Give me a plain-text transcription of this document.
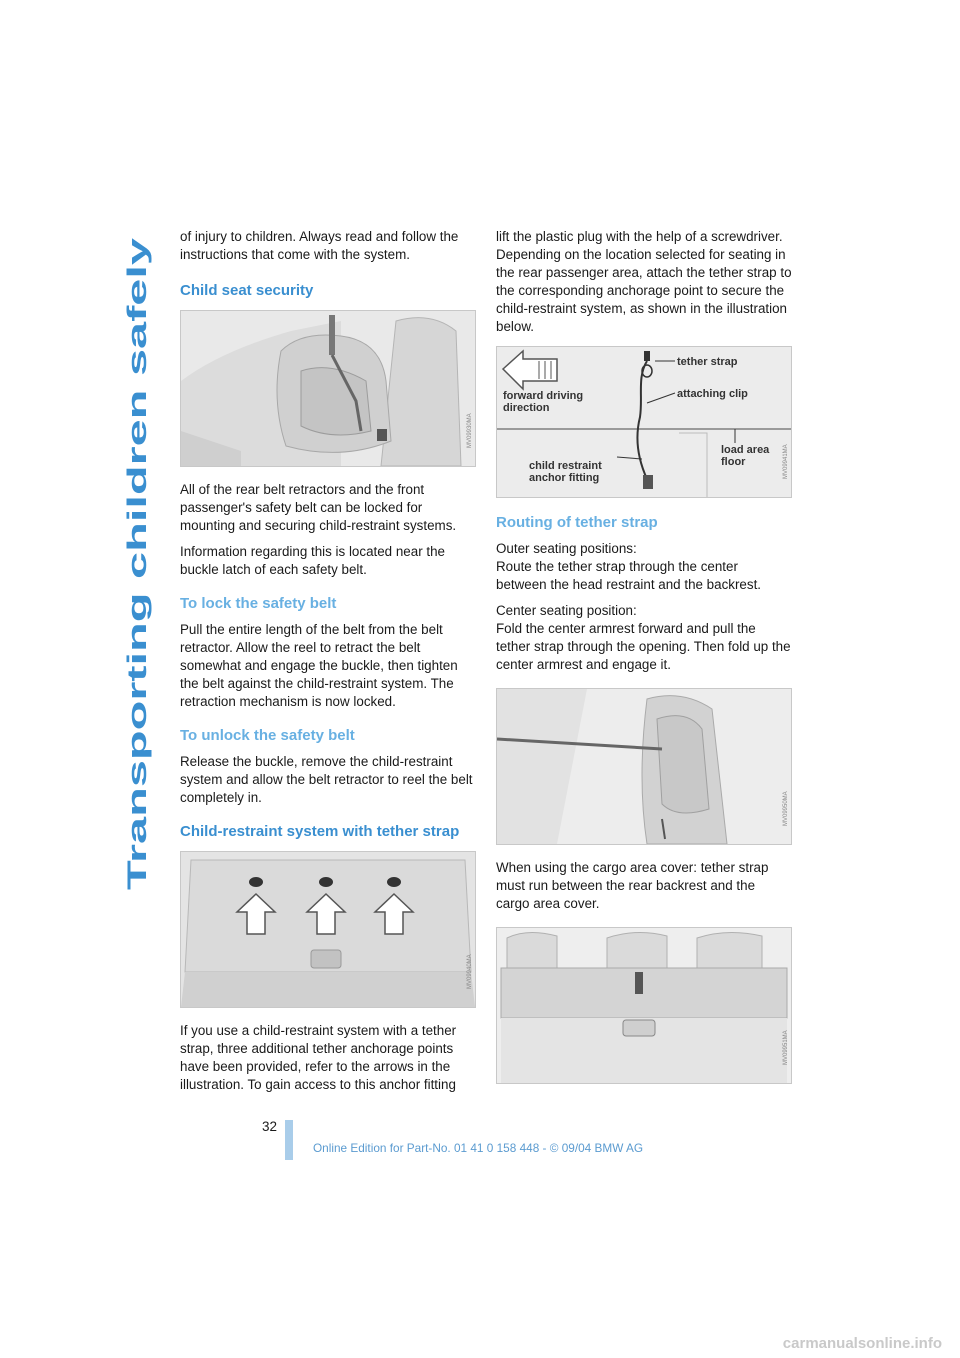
Transporting children safely

of injury to children. Always read and follow the instructions that come with the system.

Child seat security
MV09930MA

All of the rear belt retractors and the front passenger's safety belt can be locked for mounting and securing child-restraint systems.

Information regarding this is located near the buckle latch of each safety belt.

To lock the safety belt

Pull the entire length of the belt from the belt retractor. Allow the reel to retract the belt somewhat and engage the buckle, then tighten the belt against the child-restraint system. The retraction mechanism is now locked.

To unlock the safety belt

Release the buckle, remove the child-restraint system and allow the belt retractor to reel the belt completely in.

Child-restraint system with tether strap
MV09940MA

If you use a child-restraint system with a tether strap, three additional tether anchorage points have been provided, refer to the arrows in the illustration. To gain access to this anchor fitting

lift the plastic plug with the help of a screwdriver. Depending on the location selected for seating in the rear passenger area, attach the tether strap to the corresponding anchorage point to secure the child-restraint system, as shown in the illustration below.

tether strap
forward driving
direction
attaching clip
load area
floor
child restraint
anchor fitting	MV09941MA
Routing of tether strap

Outer seating positions:
Route the tether strap through the center between the head restraint and the backrest.

Center seating position:
Fold the center armrest forward and pull the tether strap through the opening. Then fold up the center armrest and engage it.

MV09950MA

When using the cargo area cover: tether strap must run between the rear backrest and the cargo area cover.

MV09951MA
32
Online Edition for Part-No. 01 41 0 158 448 - © 09/04 BMW AG
carmanualsonline.info
